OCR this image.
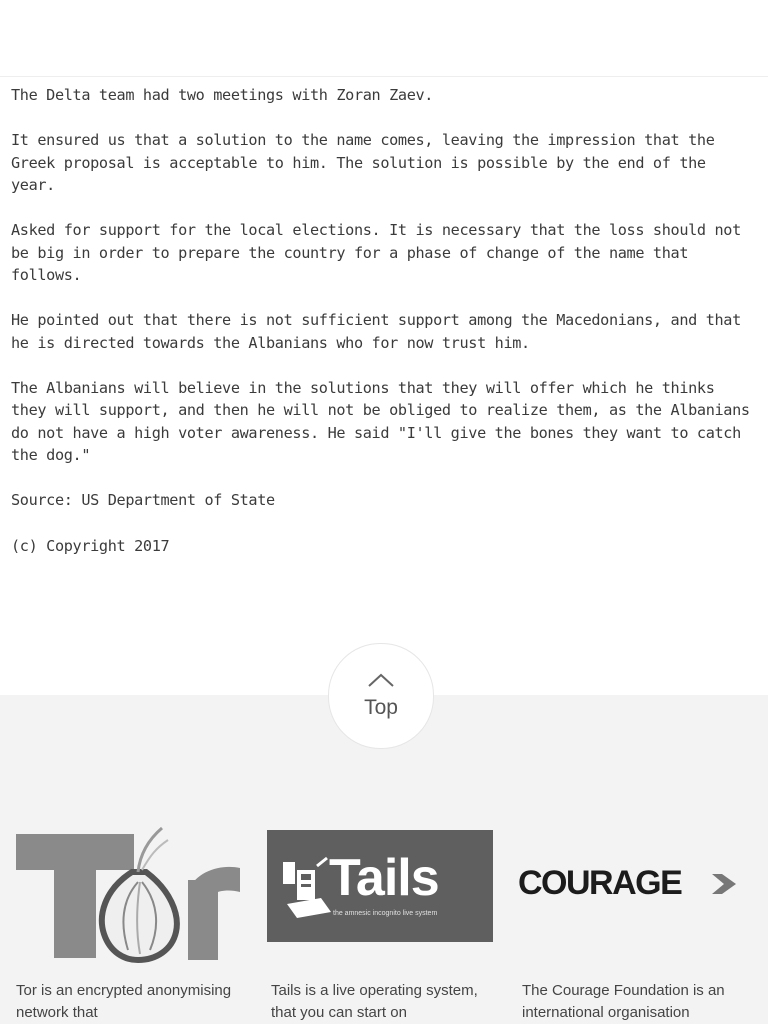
The Delta team had two meetings with Zoran Zaev.

It ensured us that a solution to the name comes, leaving the impression that the Greek proposal is acceptable to him. The solution is possible by the end of the year.

Asked for support for the local elections. It is necessary that the loss should not be big in order to prepare the country for a phase of change of the name that follows.

He pointed out that there is not sufficient support among the Macedonians, and that he is directed towards the Albanians who for now trust him.

The Albanians will believe in the solutions that they will offer which he thinks they will support, and then he will not be obliged to realize them, as the Albanians do not have a high voter awareness. He said "I'll give the bones they want to catch the dog."

Source: US Department of State

(c) Copyright 2017

Top
Tor is an encrypted anonymising network that
Tails
the amnesic incognito live system
Tails is a live operating system, that you can start on
COURAGE
The Courage Foundation is an international organisation
